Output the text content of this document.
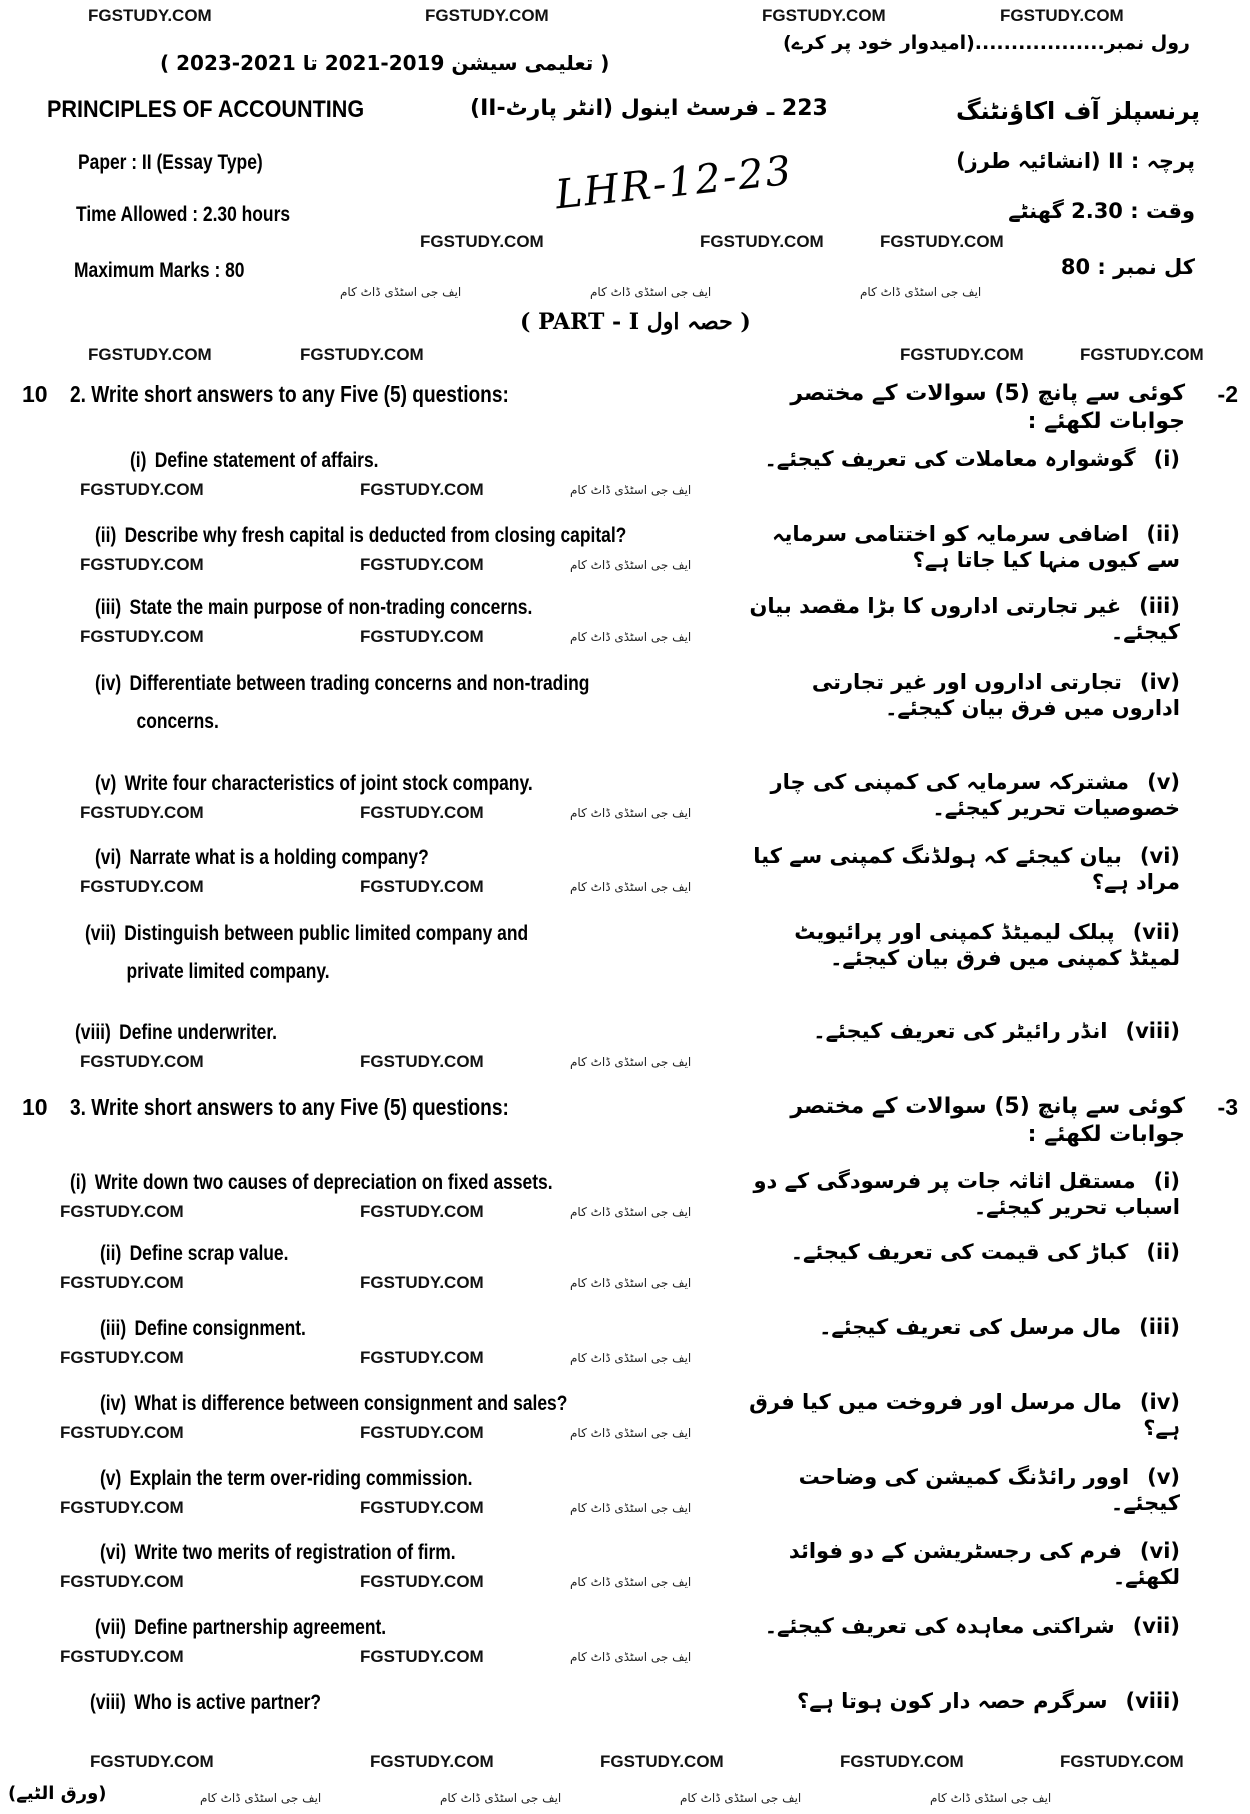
رول نمبر..................(امیدوار خود پر کرے)
( تعلیمی سیشن 2019-2021 تا 2021-2023 )
PRINCIPLES OF ACCOUNTING	223 ـ فرسٹ اینول (انٹر پارٹ-II)	پرنسپلز آف اکاؤنٹنگ
Paper : II (Essay Type)	پرچہ : II (انشائیہ طرز)
LHR-12-23
Time Allowed : 2.30 hours	وقت : 2.30 گھنٹے
Maximum Marks : 80	کل نمبر : 80
( PART - I حصہ اول )
(ورق الٹیے)
FGSTUDY.COM	FGSTUDY.COM	FGSTUDY.COM	FGSTUDY.COM
FGSTUDY.COM	FGSTUDY.COM	FGSTUDY.COM
ایف جی اسٹڈی ڈاٹ کام	ایف جی اسٹڈی ڈاٹ کام	ایف جی اسٹڈی ڈاٹ کام
FGSTUDY.COM	FGSTUDY.COM	FGSTUDY.COM	FGSTUDY.COM
FGSTUDY.COM	FGSTUDY.COM	FGSTUDY.COM	FGSTUDY.COM	FGSTUDY.COM
ایف جی اسٹڈی ڈاٹ کام	ایف جی اسٹڈی ڈاٹ کام	ایف جی اسٹڈی ڈاٹ کام	ایف جی اسٹڈی ڈاٹ کام
10 2. Write short answers to any Five (5) questions:	کوئی سے پانچ (5) سوالات کے مختصر جوابات لکھئے :
-2
(i) Define statement of affairs.	(i)گوشوارہ معاملات کی تعریف کیجئے۔
FGSTUDY.COM	FGSTUDY.COM	ایف جی اسٹڈی ڈاٹ کام
(ii) Describe why fresh capital is deducted from closing capital?	(ii)اضافی سرمایہ کو اختتامی سرمایہ سے کیوں منہا کیا جاتا ہے؟
FGSTUDY.COM	FGSTUDY.COM	ایف جی اسٹڈی ڈاٹ کام
(iii) State the main purpose of non-trading concerns.	(iii)غیر تجارتی اداروں کا بڑا مقصد بیان کیجئے۔
FGSTUDY.COM	FGSTUDY.COM	ایف جی اسٹڈی ڈاٹ کام
(iv) Differentiate between trading concerns and non-trading
concerns.
(iv)تجارتی اداروں اور غیر تجارتی اداروں میں فرق بیان کیجئے۔
(v) Write four characteristics of joint stock company.	(v)مشترکہ سرمایہ کی کمپنی کی چار خصوصیات تحریر کیجئے۔
FGSTUDY.COM	FGSTUDY.COM	ایف جی اسٹڈی ڈاٹ کام
(vi) Narrate what is a holding company?	(vi)بیان کیجئے کہ ہولڈنگ کمپنی سے کیا مراد ہے؟
FGSTUDY.COM	FGSTUDY.COM	ایف جی اسٹڈی ڈاٹ کام
(vii) Distinguish between public limited company and
private limited company.
(vii)پبلک لیمیٹڈ کمپنی اور پرائیویٹ لمیٹڈ کمپنی میں فرق بیان کیجئے۔
(viii) Define underwriter.	(viii)انڈر رائیٹر کی تعریف کیجئے۔
FGSTUDY.COM	FGSTUDY.COM	ایف جی اسٹڈی ڈاٹ کام
10 3. Write short answers to any Five (5) questions:	کوئی سے پانچ (5) سوالات کے مختصر جوابات لکھئے :
-3
(i) Write down two causes of depreciation on fixed assets.	(i)مستقل اثاثہ جات پر فرسودگی کے دو اسباب تحریر کیجئے۔
FGSTUDY.COM	FGSTUDY.COM	ایف جی اسٹڈی ڈاٹ کام
(ii) Define scrap value.	(ii)کباڑ کی قیمت کی تعریف کیجئے۔
FGSTUDY.COM	FGSTUDY.COM	ایف جی اسٹڈی ڈاٹ کام
(iii) Define consignment.	(iii)مال مرسل کی تعریف کیجئے۔
FGSTUDY.COM	FGSTUDY.COM	ایف جی اسٹڈی ڈاٹ کام
(iv) What is difference between consignment and sales?	(iv)مال مرسل اور فروخت میں کیا فرق ہے؟
FGSTUDY.COM	FGSTUDY.COM	ایف جی اسٹڈی ڈاٹ کام
(v) Explain the term over-riding commission.	(v)اوور رائڈنگ کمیشن کی وضاحت کیجئے۔
FGSTUDY.COM	FGSTUDY.COM	ایف جی اسٹڈی ڈاٹ کام
(vi) Write two merits of registration of firm.	(vi)فرم کی رجسٹریشن کے دو فوائد لکھئے۔
FGSTUDY.COM	FGSTUDY.COM	ایف جی اسٹڈی ڈاٹ کام
(vii) Define partnership agreement.	(vii)شراکتی معاہدہ کی تعریف کیجئے۔
FGSTUDY.COM	FGSTUDY.COM	ایف جی اسٹڈی ڈاٹ کام
(viii) Who is active partner?	(viii)سرگرم حصہ دار کون ہوتا ہے؟
